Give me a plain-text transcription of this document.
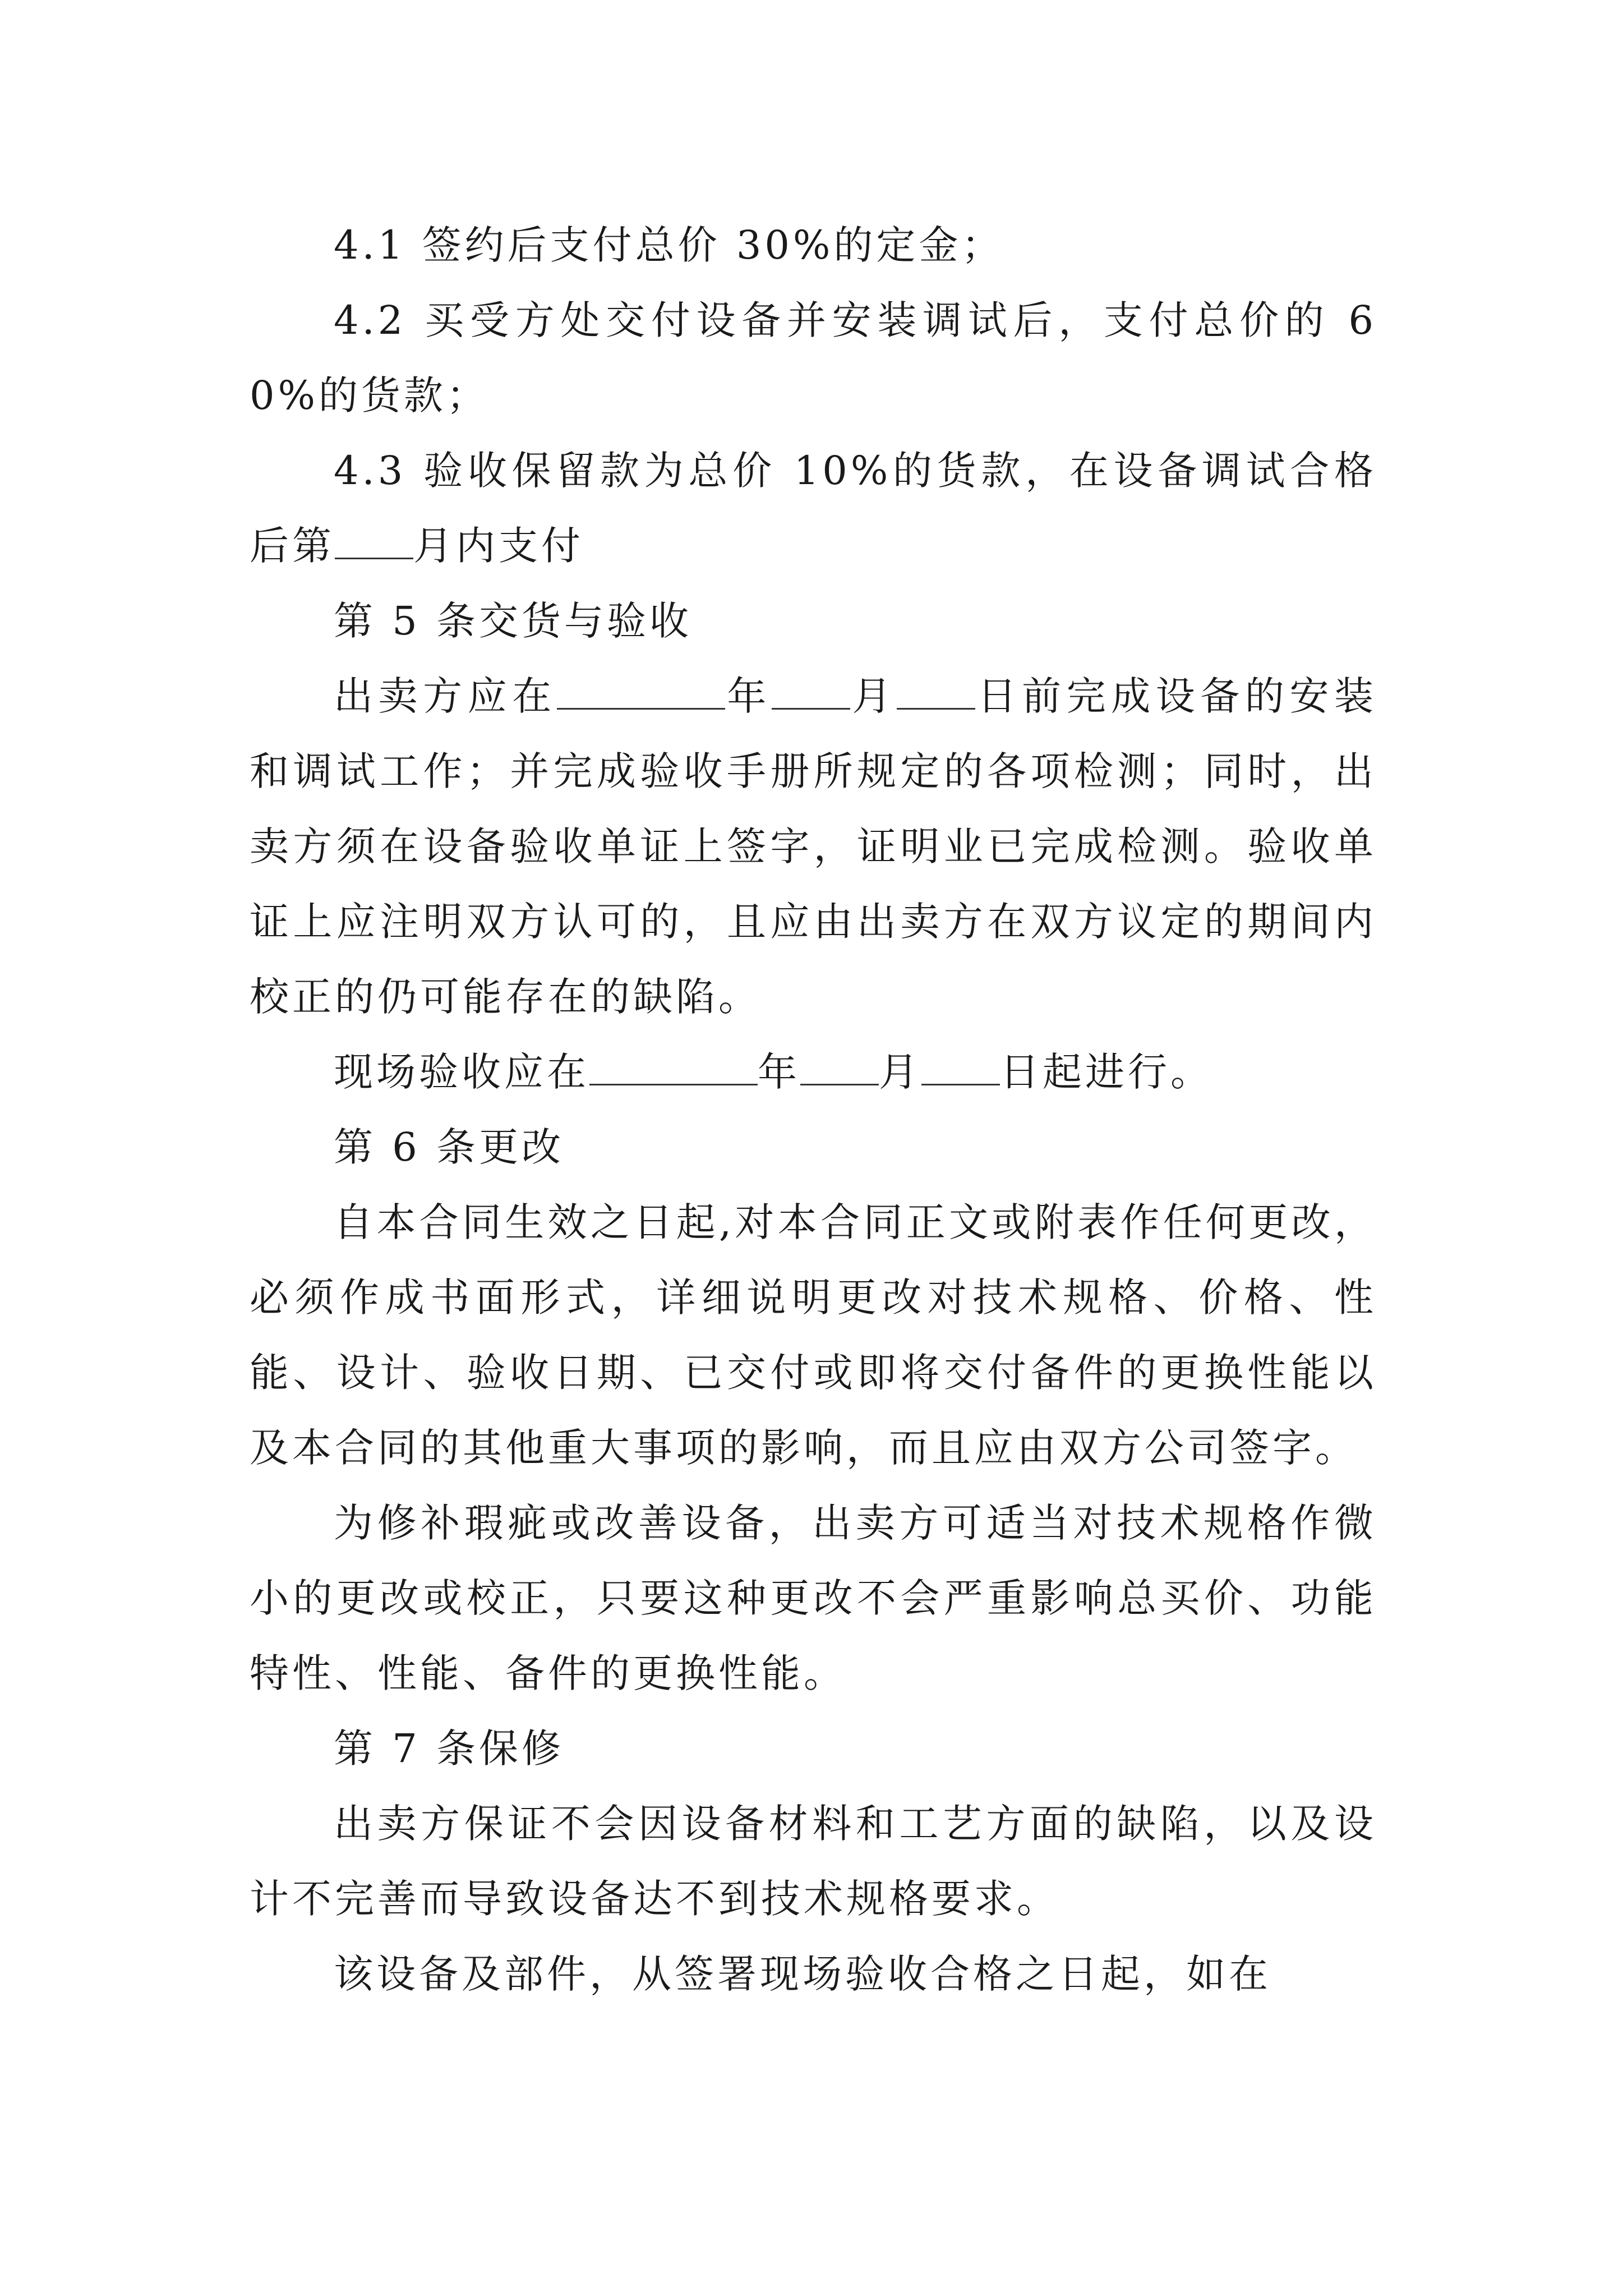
4.1 签约后支付总价 30%的定金；

4.2 买受方处交付设备并安装调试后，支付总价的 60%的货款；

4.3 验收保留款为总价 10%的货款，在设备调试合格后第 月内支付

第 5 条交货与验收

出卖方应在	年 月 日前完成设备的安装和调试工作；并完成验收手册所规定的各项检测；同时，出卖方须在设备验收单证上签字，证明业已完成检测。验收单证上应注明双方认可的，且应由出卖方在双方议定的期间内校正的仍可能存在的缺陷。

现场验收应在	年 月 日起进行。

第 6 条更改

自本合同生效之日起,对本合同正文或附表作任何更改，必须作成书面形式，详细说明更改对技术规格、价格、性能、设计、验收日期、已交付或即将交付备件的更换性能以及本合同的其他重大事项的影响，而且应由双方公司签字。

为修补瑕疵或改善设备，出卖方可适当对技术规格作微小的更改或校正，只要这种更改不会严重影响总买价、功能特性、性能、备件的更换性能。

第 7 条保修

出卖方保证不会因设备材料和工艺方面的缺陷，以及设计不完善而导致设备达不到技术规格要求。

该设备及部件，从签署现场验收合格之日起，如在
